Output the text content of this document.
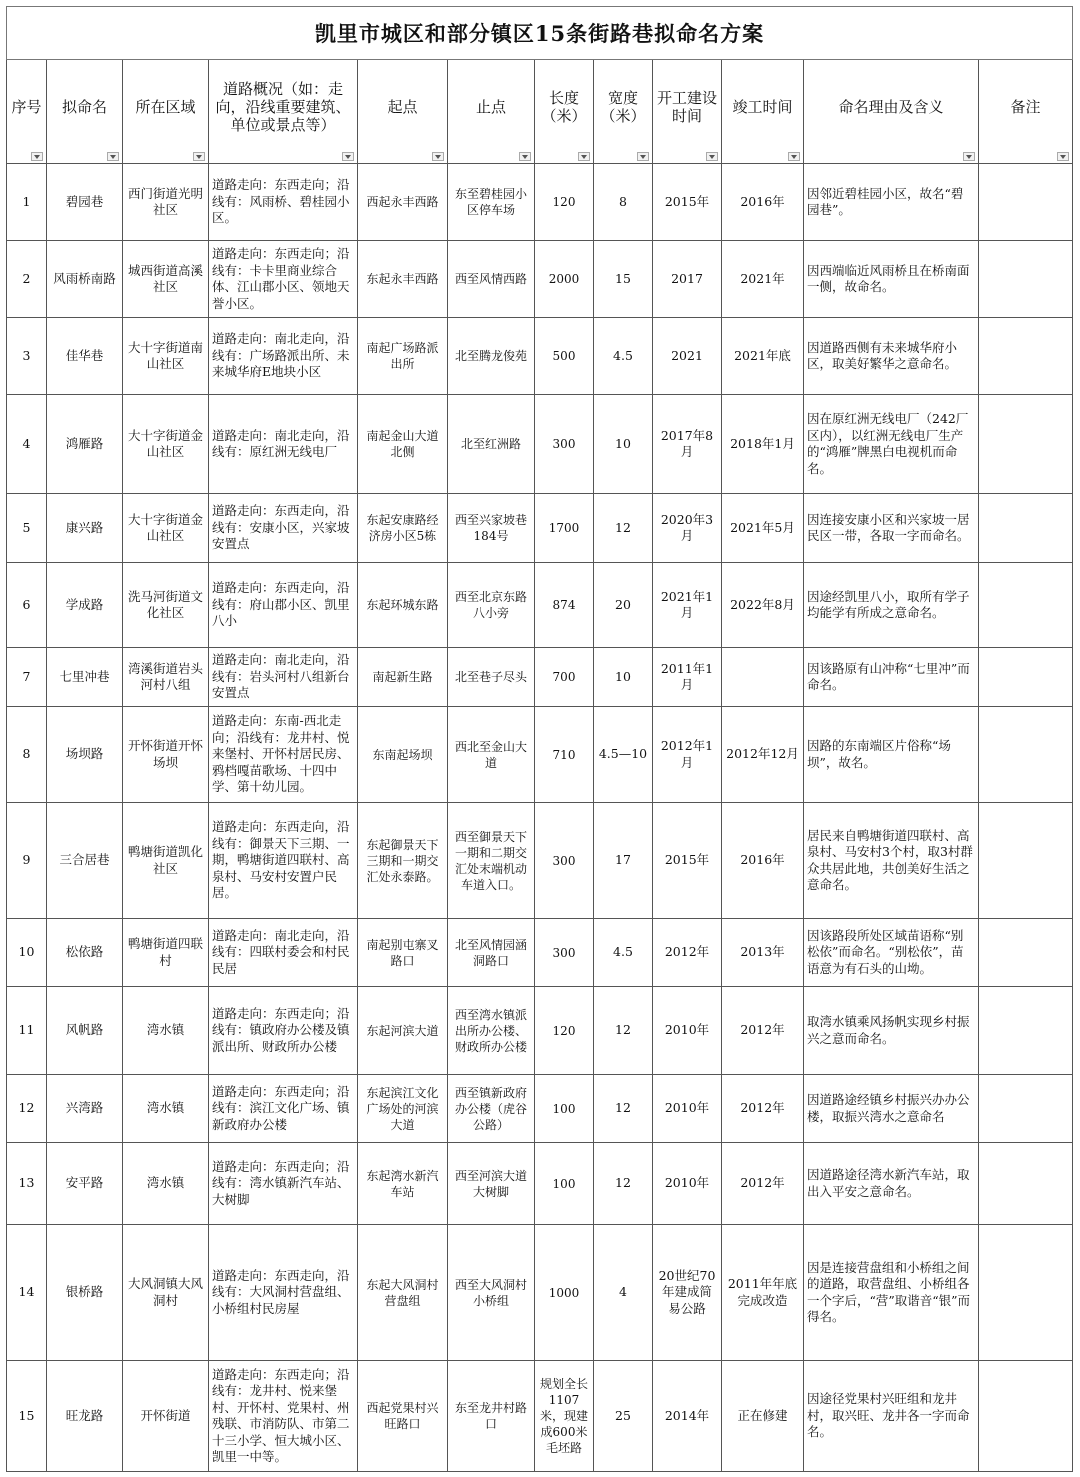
凯里市城区和部分镇区15条街路巷拟命名方案											
序号	拟命名	所在区域	道路概况（如：走向，沿线重要建筑、单位或景点等）	起点	止点	长度（米）	宽度（米）	开工建设时间	竣工时间	命名理由及含义	备注

1	碧园巷	西门街道光明社区	道路走向：东西走向；沿线有：风雨桥、碧桂园小区。	西起永丰西路	东至碧桂园小区停车场	120	8	2015年	2016年	因邻近碧桂园小区，故名“碧园巷”。	
2	风雨桥南路	城西街道高溪社区	道路走向：东西走向；沿线有：卡卡里商业综合体、江山郡小区、领地天誉小区。	东起永丰西路	西至风情西路	2000	15	2017	2021年	因西端临近风雨桥且在桥南面一侧，故命名。	
3	佳华巷	大十字街道南山社区	道路走向：南北走向，沿线有：广场路派出所、未来城华府E地块小区	南起广场路派出所	北至腾龙俊苑	500	4.5	2021	2021年底	因道路西侧有未来城华府小区，取美好繁华之意命名。	
4	鸿雁路	大十字街道金山社区	道路走向：南北走向，沿线有：原红洲无线电厂	南起金山大道北侧	北至红洲路	300	10	2017年8月	2018年1月	因在原红洲无线电厂（242厂区内），以红洲无线电厂生产的“鸿雁”牌黑白电视机而命名。	
5	康兴路	大十字街道金山社区	道路走向：东西走向，沿线有：安康小区，兴家坡安置点	东起安康路经济房小区5栋	西至兴家坡巷184号	1700	12	2020年3月	2021年5月	因连接安康小区和兴家坡一居民区一带，各取一字而命名。	
6	学成路	洗马河街道文化社区	道路走向：东西走向，沿线有：府山郡小区、凯里八小	东起环城东路	西至北京东路八小旁	874	20	2021年1月	2022年8月	因途经凯里八小，取所有学子均能学有所成之意命名。	
7	七里冲巷	湾溪街道岩头河村八组	道路走向：南北走向，沿线有：岩头河村八组新台安置点	南起新生路	北至巷子尽头	700	10	2011年1月		因该路原有山冲称“七里冲”而命名。	
8	场坝路	开怀街道开怀场坝	道路走向：东南-西北走向；沿线有：龙井村、悦来堡村、开怀村居民房、鸦档嘎苗歌场、十四中学、第十幼儿园。	东南起场坝	西北至金山大道	710	4.5—10	2012年1月	2012年12月	因路的东南端区片俗称“场坝”，故名。	
9	三合居巷	鸭塘街道凯化社区	道路走向：东西走向，沿线有：御景天下三期、一期，鸭塘街道四联村、高泉村、马安村安置户民居。	东起御景天下三期和一期交汇处永泰路。	西至御景天下一期和二期交汇处末端机动车道入口。	300	17	2015年	2016年	居民来自鸭塘街道四联村、高泉村、马安村3个村，取3村群众共居此地，共创美好生活之意命名。	
10	松依路	鸭塘街道四联村	道路走向：南北走向，沿线有：四联村委会和村民民居	南起别屯寨叉路口	北至风情园涵洞路口	300	4.5	2012年	2013年	因该路段所处区域苗语称“别松依”而命名。“别松依”，苗语意为有石头的山坳。	
11	风帆路	湾水镇	道路走向：东西走向；沿线有：镇政府办公楼及镇派出所、财政所办公楼	东起河滨大道	西至湾水镇派出所办公楼、财政所办公楼	120	12	2010年	2012年	取湾水镇乘风扬帆实现乡村振兴之意而命名。	
12	兴湾路	湾水镇	道路走向：东西走向；沿线有：滨江文化广场、镇新政府办公楼	东起滨江文化广场处的河滨大道	西至镇新政府办公楼（虎谷公路）	100	12	2010年	2012年	因道路途经镇乡村振兴办办公楼，取振兴湾水之意命名	
13	安平路	湾水镇	道路走向：东西走向；沿线有：湾水镇新汽车站、大树脚	东起湾水新汽车站	西至河滨大道大树脚	100	12	2010年	2012年	因道路途径湾水新汽车站，取出入平安之意命名。	
14	银桥路	大风洞镇大风洞村	道路走向：东西走向，沿线有：大风洞村营盘组、小桥组村民房屋	东起大风洞村营盘组	西至大风洞村小桥组	1000	4	20世纪70年建成简易公路	2011年年底完成改造	因是连接营盘组和小桥组之间的道路，取营盘组、小桥组各一个字后，“营”取谐音“银”而得名。	
15	旺龙路	开怀街道	道路走向：东西走向；沿线有：龙井村、悦来堡村、开怀村、党果村、州残联、市消防队、市第二十三小学、恒大城小区、凯里一中等。	西起党果村兴旺路口	东至龙井村路口	规划全长1107米，现建成600米毛坯路	25	2014年	正在修建	因途径党果村兴旺组和龙井村，取兴旺、龙井各一字而命名。	
